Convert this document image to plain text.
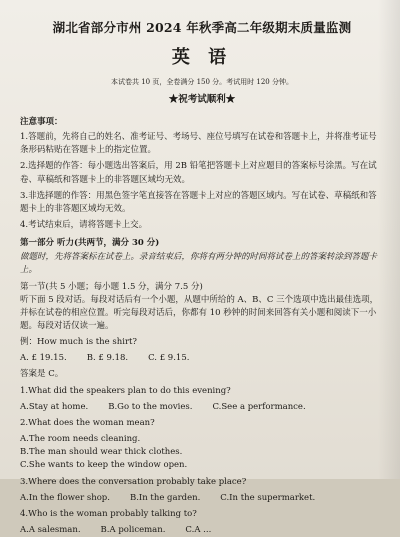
湖北省部分市州 2024 年秋季高二年级期末质量监测
英 语
本试卷共 10 页，全卷满分 150 分。考试用时 120 分钟。
★祝考试顺利★
注意事项：

1.答题前，先将自己的姓名、准考证号、考场号、座位号填写在试卷和答题卡上，并将准考证号条形码粘贴在答题卡上的指定位置。

2.选择题的作答：每小题选出答案后，用 2B 铅笔把答题卡上对应题目的答案标号涂黑。写在试卷、草稿纸和答题卡上的非答题区域均无效。

3.非选择题的作答：用黑色签字笔直接答在答题卡上对应的答题区域内。写在试卷、草稿纸和答题卡上的非答题区域均无效。

4.考试结束后，请将答题卡上交。

第一部分 听力(共两节，满分 30 分)
做题时，先将答案标在试卷上。录音结束后，你将有两分钟的时间将试卷上的答案转涂到答题卡上。
第一节(共 5 小题；每小题 1.5 分，满分 7.5 分)
听下面 5 段对话。每段对话后有一个小题，从题中所给的 A、B、C 三个选项中选出最佳选项，并标在试卷的相应位置。听完每段对话后，你都有 10 秒钟的时间来回答有关小题和阅读下一小题。每段对话仅读一遍。
例：How much is the shirt?
A. £ 19.15. B. £ 9.18. C. £ 9.15.
答案是 C。
1.What did the speakers plan to do this evening?
A.Stay at home. B.Go to the movies. C.See a performance.
2.What does the woman mean?
A.The room needs cleaning.
B.The man should wear thick clothes.
C.She wants to keep the window open.
3.Where does the conversation probably take place?
A.In the flower shop. B.In the garden. C.In the supermarket.
4.Who is the woman probably talking to?
A.A salesman. B.A policeman. C.A ...
